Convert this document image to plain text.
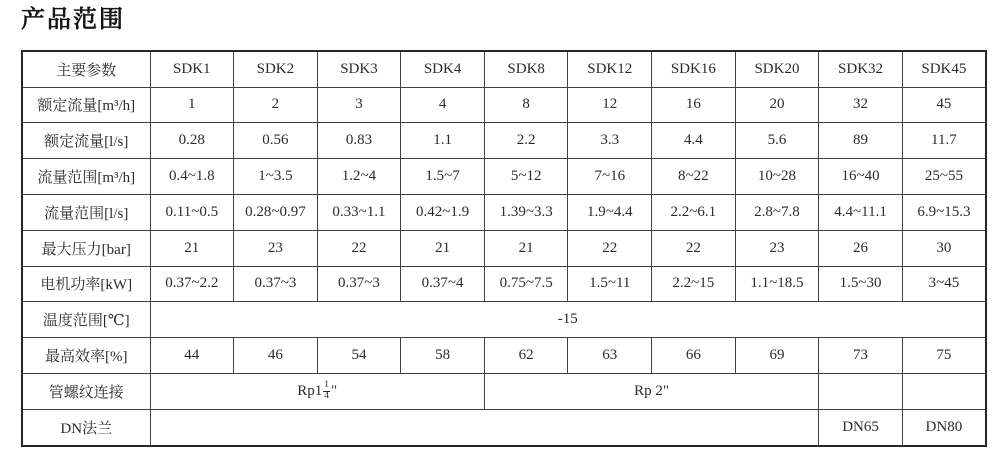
产品范围
主要参数	SDK1	SDK2	SDK3	SDK4	SDK8	SDK12	SDK16	SDK20	SDK32	SDK45
额定流量[m³/h]	1	2	3	4	8	12	16	20	32	45
额定流量[l/s]	0.28	0.56	0.83	1.1	2.2	3.3	4.4	5.6	89	11.7
流量范围[m³/h]	0.4~1.8	1~3.5	1.2~4	1.5~7	5~12	7~16	8~22	10~28	16~40	25~55
流量范围[l/s]	0.11~0.5	0.28~0.97	0.33~1.1	0.42~1.9	1.39~3.3	1.9~4.4	2.2~6.1	2.8~7.8	4.4~11.1	6.9~15.3
最大压力[bar]	21	23	22	21	21	22	22	23	26	30
电机功率[kW]	0.37~2.2	0.37~3	0.37~3	0.37~4	0.75~7.5	1.5~11	2.2~15	1.1~18.5	1.5~30	3~45
温度范围[℃]	-15									
最高效率[%]	44	46	54	58	62	63	66	69	73	75
管螺纹连接	$Rp1 \frac{1}{4}$ "				Rp 2"					
DN法兰									DN65	DN80
